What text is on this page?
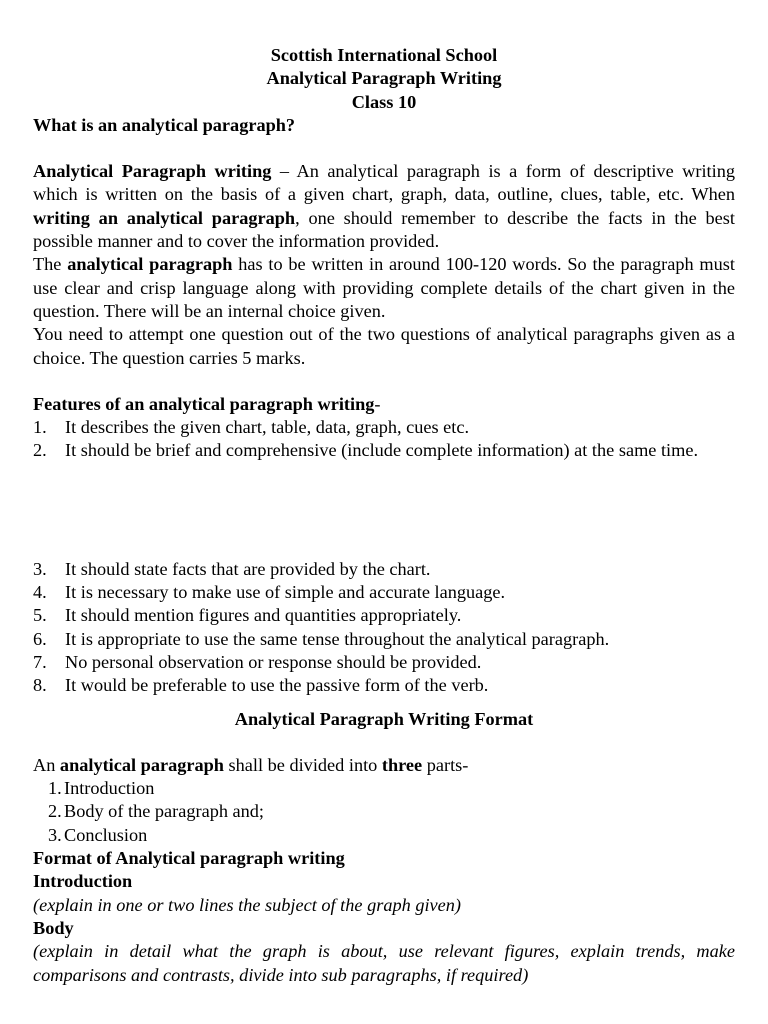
Scottish International School
Analytical Paragraph Writing
Class 10

What is an analytical paragraph?

Analytical Paragraph writing – An analytical paragraph is a form of descriptive writing which is written on the basis of a given chart, graph, data, outline, clues, table, etc. When writing an analytical paragraph, one should remember to describe the facts in the best possible manner and to cover the information provided.

The analytical paragraph has to be written in around 100-120 words. So the paragraph must use clear and crisp language along with providing complete details of the chart given in the question. There will be an internal choice given.

You need to attempt one question out of the two questions of analytical paragraphs given as a choice. The question carries 5 marks.

Features of an analytical paragraph writing-

1. It describes the given chart, table, data, graph, cues etc.
2. It should be brief and comprehensive (include complete information) at the same time.
3. It should state facts that are provided by the chart.
4. It is necessary to make use of simple and accurate language.
5. It should mention figures and quantities appropriately.
6. It is appropriate to use the same tense throughout the analytical paragraph.
7. No personal observation or response should be provided.
8. It would be preferable to use the passive form of the verb.
Analytical Paragraph Writing Format

An analytical paragraph shall be divided into three parts-

1. Introduction
2. Body of the paragraph and;
3. Conclusion

Format of Analytical paragraph writing

Introduction

(explain in one or two lines the subject of the graph given)

Body

(explain in detail what the graph is about, use relevant figures, explain trends, make comparisons and contrasts, divide into sub paragraphs, if required)
